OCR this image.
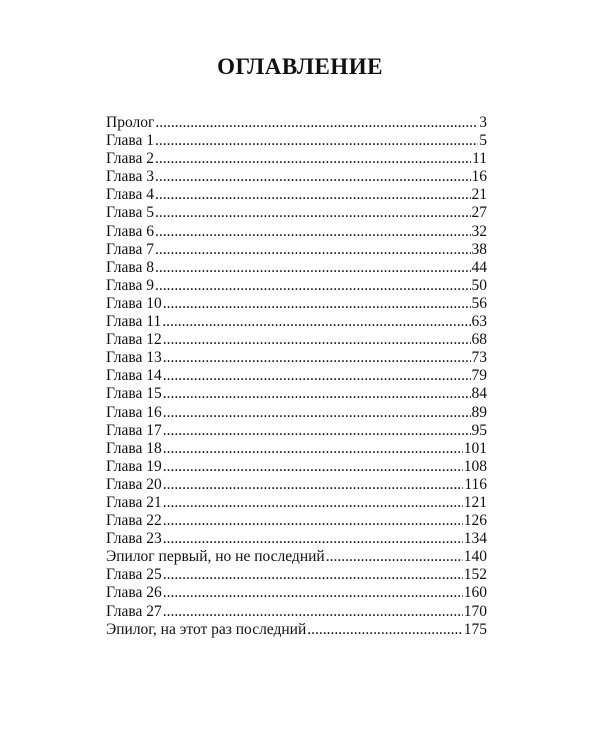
ОГЛАВЛЕНИЕ
Пролог .....	3
Глава 1 .....	5
Глава 2 .....	11
Глава 3 .....	16
Глава 4 .....	21
Глава 5 .....	27
Глава 6 .....	32
Глава 7 .....	38
Глава 8 .....	44
Глава 9 .....	50
Глава 10 .....	56
Глава 11 .....	63
Глава 12 .....	68
Глава 13 .....	73
Глава 14 .....	79
Глава 15 .....	84
Глава 16 .....	89
Глава 17 .....	95
Глава 18 .....	101
Глава 19 .....	108
Глава 20 .....	116
Глава 21 .....	121
Глава 22 .....	126
Глава 23 .....	134
Эпилог первый, но не последний .....	140
Глава 25 .....	152
Глава 26 .....	160
Глава 27 .....	170
Эпилог, на этот раз последний .....	175
